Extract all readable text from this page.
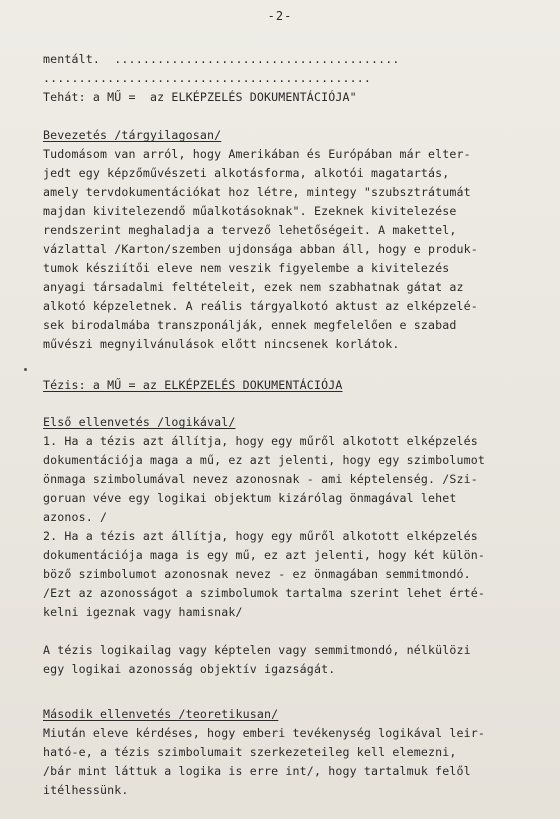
-2-
mentált.  ........................................
..............................................
Tehát: a MŰ =  az ELKÉPZELÉS DOKUMENTÁCIÓJA"
Bevezetés /tárgyilagosan/
Tudomásom van arról, hogy Amerikában és Európában már elter-
jedt egy képzőművészeti alkotásforma, alkotói magatartás,
amely tervdokumentációkat hoz létre, mintegy "szubsztrátumát
majdan kivitelezendő műalkotásoknak". Ezeknek kivitelezése
rendszerint meghaladja a tervező lehetőségeit. A makettel,
vázlattal /Karton/szemben ujdonsága abban áll, hogy e produk-
tumok késziítői eleve nem veszik figyelembe a kivitelezés
anyagi társadalmi feltételeit, ezek nem szabhatnak gátat az
alkotó képzeletnek. A reális tárgyalkotó aktust az elképzelé-
sek birodalmába transzponálják, ennek megfelelően e szabad
művészi megnyilvánulások előtt nincsenek korlátok.
Tézis: a MŰ = az ELKÉPZELÉS DOKUMENTÁCIÓJA
Első ellenvetés /logikával/
1. Ha a tézis azt állítja, hogy egy műről alkotott elképzelés
dokumentációja maga a mű, ez azt jelenti, hogy egy szimbolumot
önmaga szimbolumával nevez azonosnak - ami képtelenség. /Szi-
goruan véve egy logikai objektum kizárólag önmagával lehet
azonos. /
2. Ha a tézis azt állítja, hogy egy műről alkotott elképzelés
dokumentációja maga is egy mű, ez azt jelenti, hogy két külön-
böző szimbolumot azonosnak nevez - ez önmagában semmitmondó.
/Ezt az azonosságot a szimbolumok tartalma szerint lehet érté-
kelni igeznak vagy hamisnak/
A tézis logikailag vagy képtelen vagy semmitmondó, nélkülözi
egy logikai azonosság objektív igazságát.
Második ellenvetés /teoretikusan/
Miután eleve kérdéses, hogy emberi tevékenység logikával leir-
ható-e, a tézis szimbolumait szerkezeteileg kell elemezni,
/bár mint láttuk a logika is erre int/, hogy tartalmuk felől
itélhessünk.
